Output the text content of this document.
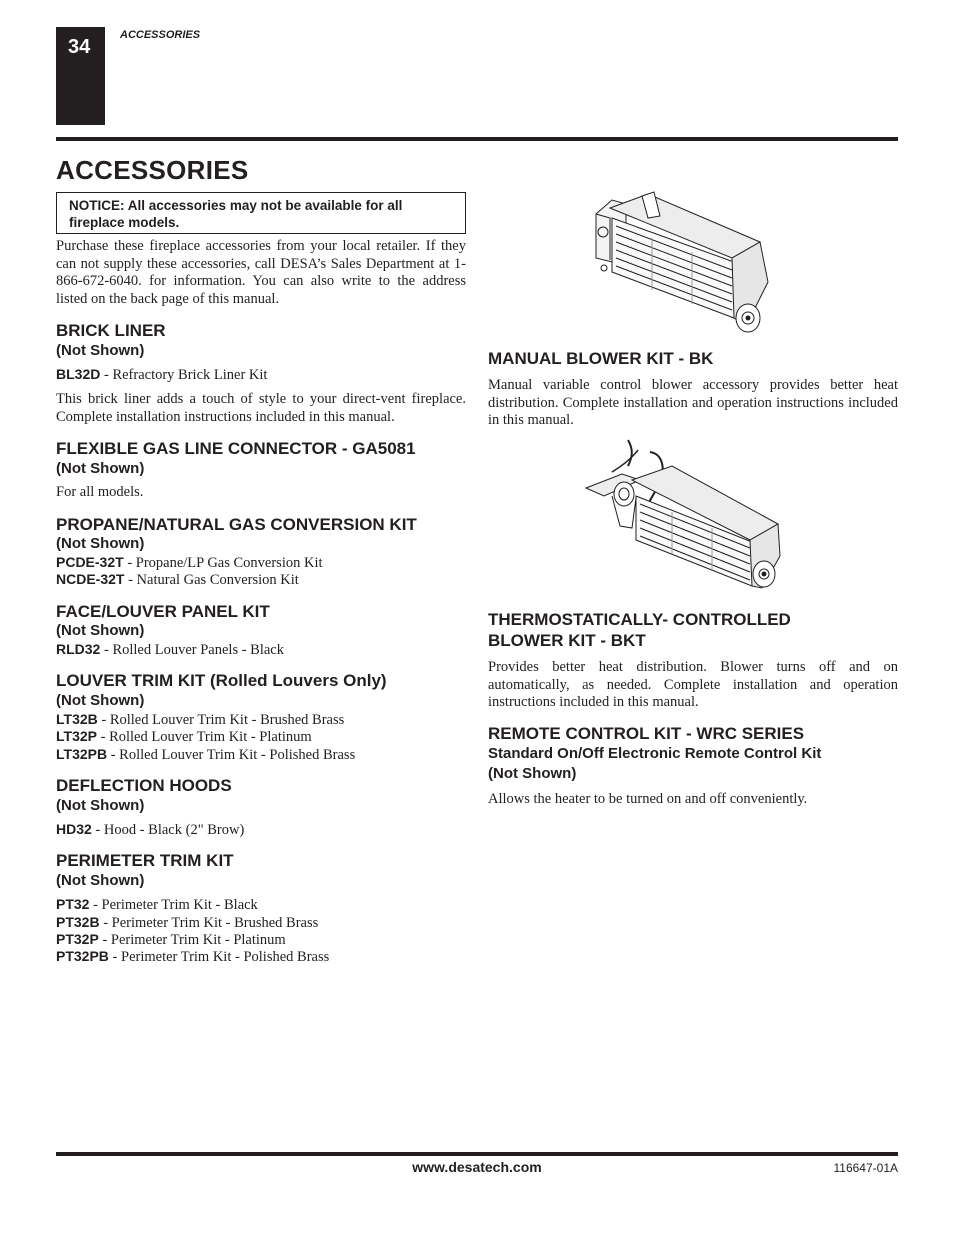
34
ACCESSORIES
ACCESSORIES
NOTICE: All accessories may not be available for all fireplace models.

Purchase these fireplace accessories from your local retailer. If they can not supply these accessories, call DESA’s Sales Department at 1-866-672-6040. for information. You can also write to the address listed on the back page of this manual.

BRICK LINER
(Not Shown)
BL32D - Refractory Brick Liner Kit

This brick liner adds a touch of style to your direct-vent fireplace. Complete installation instructions included in this manual.

FLEXIBLE GAS LINE CONNECTOR - GA5081
(Not Shown)

For all models.

PROPANE/NATURAL GAS CONVERSION KIT
(Not Shown)
PCDE-32T - Propane/LP Gas Conversion Kit
NCDE-32T - Natural Gas Conversion Kit
FACE/LOUVER PANEL KIT
(Not Shown)
RLD32 - Rolled Louver Panels - Black
LOUVER TRIM KIT (Rolled Louvers Only)
(Not Shown)
LT32B - Rolled Louver Trim Kit - Brushed Brass
LT32P - Rolled Louver Trim Kit - Platinum
LT32PB - Rolled Louver Trim Kit - Polished Brass
DEFLECTION HOODS
(Not Shown)
HD32 - Hood - Black (2" Brow)
PERIMETER TRIM KIT
(Not Shown)
PT32 - Perimeter Trim Kit - Black
PT32B - Perimeter Trim Kit - Brushed Brass
PT32P - Perimeter Trim Kit - Platinum
PT32PB - Perimeter Trim Kit - Polished Brass
MANUAL BLOWER KIT - BK

Manual variable control blower accessory provides better heat distribution. Complete installation and operation instructions included in this manual.

THERMOSTATICALLY- CONTROLLED
BLOWER KIT - BKT

Provides better heat distribution. Blower turns off and on automatically, as needed. Complete installation and operation instructions included in this manual.

REMOTE CONTROL KIT - WRC SERIES
Standard On/Off Electronic Remote Control Kit
(Not Shown)

Allows the heater to be turned on and off conveniently.

www.desatech.com	116647-01A
